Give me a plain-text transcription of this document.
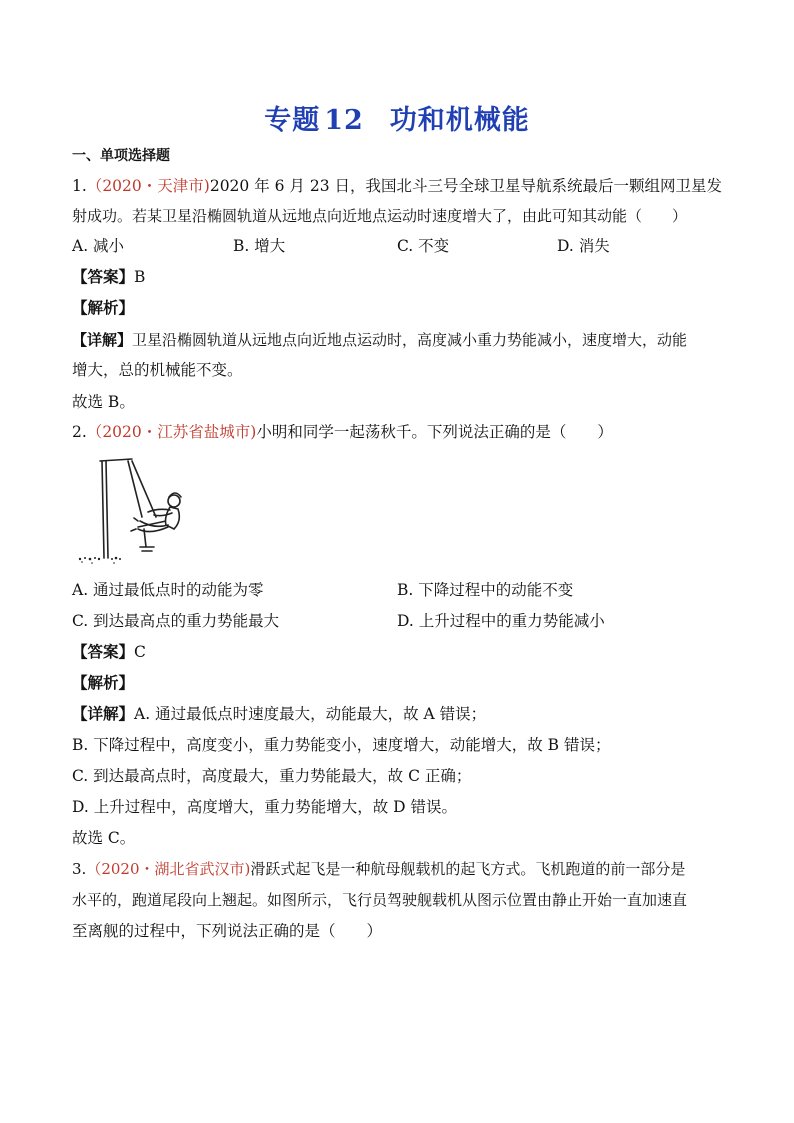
专题 12 功和机械能
一、单项选择题
1.（2020・天津市)2020 年 6 月 23 日，我国北斗三号全球卫星导航系统最后一颗组网卫星发
射成功。若某卫星沿椭圆轨道从远地点向近地点运动时速度增大了，由此可知其动能（　　）
A. 减小	B. 增大	C. 不变	D. 消失
【答案】B
【解析】
【详解】卫星沿椭圆轨道从远地点向近地点运动时，高度减小重力势能减小，速度增大，动能
增大，总的机械能不变。
故选 B。
2.（2020・江苏省盐城市)小明和同学一起荡秋千。下列说法正确的是（　　）
A. 通过最低点时的动能为零	B. 下降过程中的动能不变
C. 到达最高点的重力势能最大	D. 上升过程中的重力势能减小
【答案】C
【解析】
【详解】A. 通过最低点时速度最大，动能最大，故 A 错误；
B. 下降过程中，高度变小，重力势能变小，速度增大，动能增大，故 B 错误；
C. 到达最高点时，高度最大，重力势能最大，故 C 正确；
D. 上升过程中，高度增大，重力势能增大，故 D 错误。
故选 C。
3.（2020・湖北省武汉市)滑跃式起飞是一种航母舰载机的起飞方式。飞机跑道的前一部分是
水平的，跑道尾段向上翘起。如图所示，飞行员驾驶舰载机从图示位置由静止开始一直加速直
至离舰的过程中，下列说法正确的是（　　）
